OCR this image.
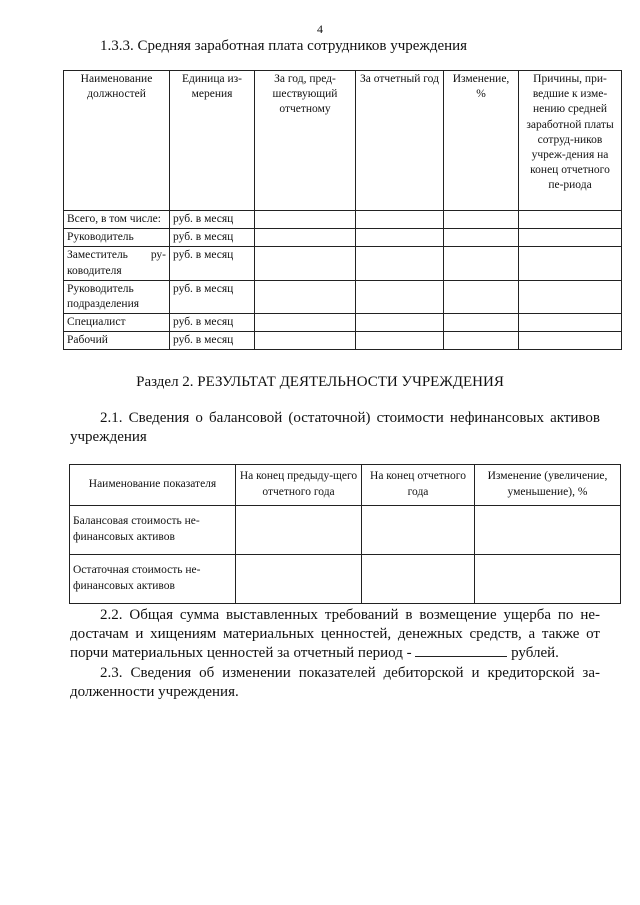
4
1.3.3. Средняя заработная плата сотрудников учреждения
Наименование должностей	Единица из-мерения	За год, пред-шествующий отчетному	За отчетный год	Изменение, %	Причины, при-ведшие к изме-нению средней заработной платы сотруд-ников учреж-дения на конец отчетного пе-риода
Всего, в том числе:	руб. в месяц				
Руководитель	руб. в месяц				
Заместитель ру-ководителя	руб. в месяц				
Руководитель подразделения	руб. в месяц				
Специалист	руб. в месяц				
Рабочий	руб. в месяц				
Раздел 2. РЕЗУЛЬТАТ ДЕЯТЕЛЬНОСТИ УЧРЕЖДЕНИЯ
2.1. Сведения о балансовой (остаточной) стоимости нефинансовых активов учреждения
Наименование показателя	На конец предыду-щего отчетного года	На конец отчетного года	Изменение (увеличение, уменьшение), %
Балансовая стоимость не-финансовых активов			
Остаточная стоимость не-финансовых активов			
2.2. Общая сумма выставленных требований в возмещение ущерба по не-достачам и хищениям материальных ценностей, денежных средств, а также от порчи материальных ценностей за отчетный период -	рублей.
2.3. Сведения об изменении показателей дебиторской и кредиторской за-долженности учреждения.
